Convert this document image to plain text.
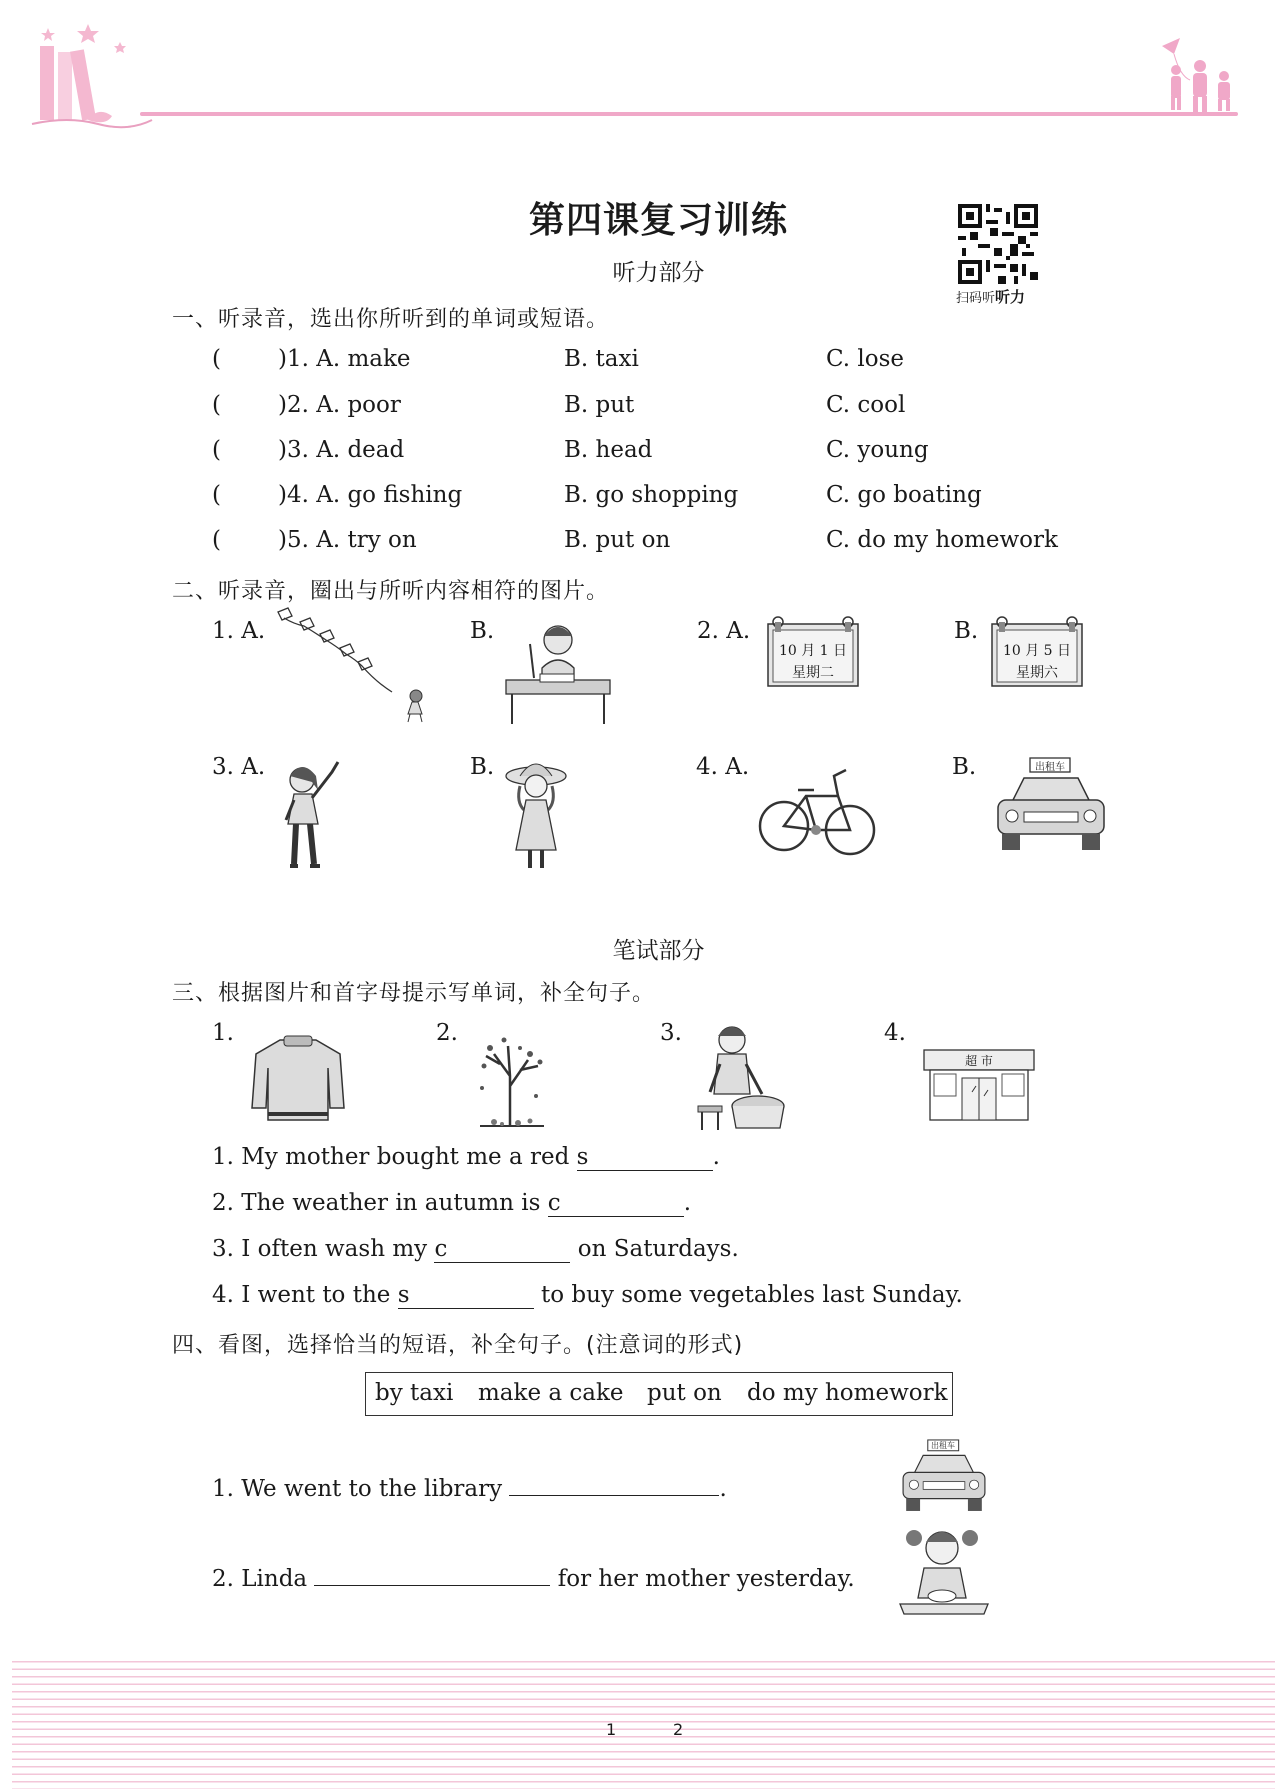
第四课复习训练
听力部分
扫码听听力
一、听录音，选出你所听到的单词或短语。
( )1. A. make	B. taxi	C. lose
( )2. A. poor	B. put	C. cool
( )3. A. dead	B. head	C. young
( )4. A. go fishing	B. go shopping	C. go boating
( )5. A. try on	B. put on	C. do my homework
二、听录音，圈出与所听内容相符的图片。
1. A.	B.	2. A.
10 月 1 日
星期二
B.
10 月 5 日
星期六
3. A.	B.	4. A.	B.	出租车
笔试部分
三、根据图片和首字母提示写单词，补全句子。
1.	2.	3.	4.
超 市
1. My mother bought me a red s	.
2. The weather in autumn is c	.
3. I often wash my c	on Saturdays.
4. I went to the s	to buy some vegetables last Sunday.
四、看图，选择恰当的短语，补全句子。(注意词的形式)
by taxi make a cake put on do my homework
1. We went to the library	.
出租车
2. Linda	for her mother yesterday.
1	2
